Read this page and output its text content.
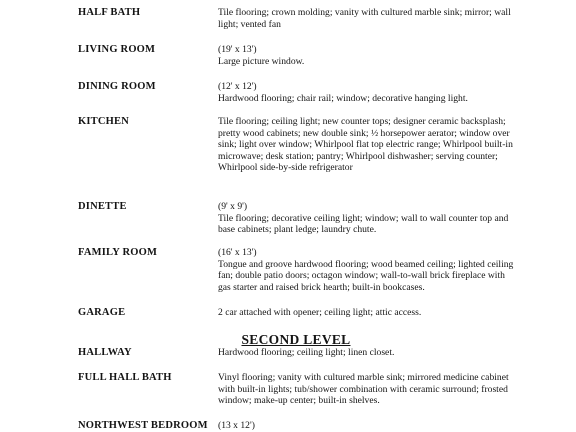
HALF BATH	Tile flooring; crown molding; vanity with cultured marble sink; mirror; wall light; vented fan
LIVING ROOM	(19' x 13')
Large picture window.
DINING ROOM	(12' x 12')
Hardwood flooring; chair rail; window; decorative hanging light.
KITCHEN	Tile flooring; ceiling light; new counter tops; designer ceramic backsplash; pretty wood cabinets; new double sink; ½ horsepower aerator; window over sink; light over window; Whirlpool flat top electric range; Whirlpool built-in microwave; desk station; pantry; Whirlpool dishwasher; serving counter; Whirlpool side-by-side refrigerator
DINETTE	(9' x 9')
Tile flooring; decorative ceiling light; window; wall to wall counter top and base cabinets; plant ledge; laundry chute.
FAMILY ROOM	(16' x 13')
Tongue and groove hardwood flooring; wood beamed ceiling; lighted ceiling fan; double patio doors; octagon window; wall-to-wall brick fireplace with gas starter and raised brick hearth; built-in bookcases.
GARAGE	2 car attached with opener; ceiling light; attic access.
SECOND LEVEL
HALLWAY	Hardwood flooring; ceiling light; linen closet.
FULL HALL BATH	Vinyl flooring; vanity with cultured marble sink; mirrored medicine cabinet with built-in lights; tub/shower combination with ceramic surround; frosted window; make-up center; built-in shelves.
NORTHWEST BEDROOM (13 x 12')
